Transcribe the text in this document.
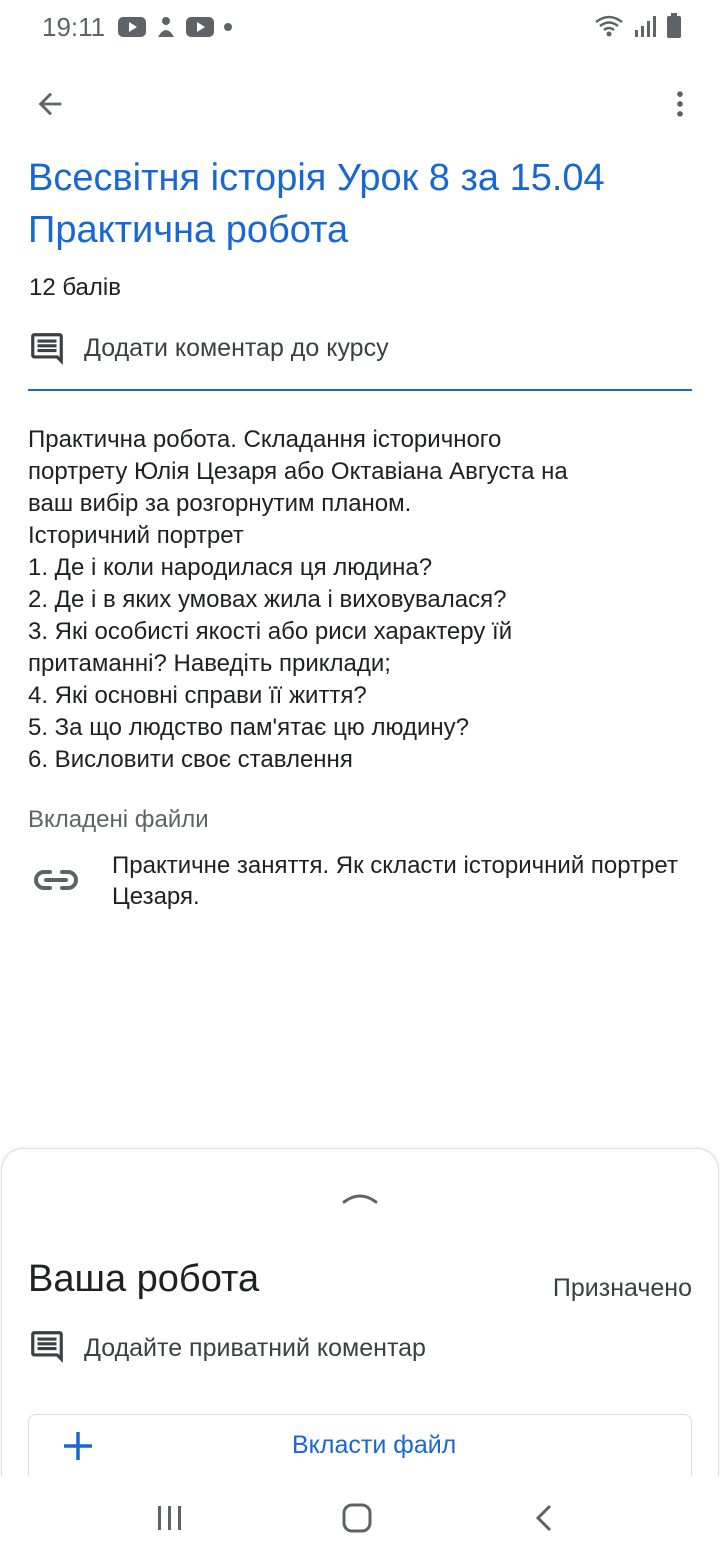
19:11
Всесвітня історія Урок 8 за 15.04 Практична робота
12 балів
Додати коментар до курсу
Практична робота. Складання історичного
портрету Юлія Цезаря або Октавіана Августа на
ваш вибір за розгорнутим планом.
Історичний портрет
1. Де і коли народилася ця людина?
2. Де і в яких умовах жила і виховувалася?
3. Які особисті якості або риси характеру їй
притаманні? Наведіть приклади;
4. Які основні справи її життя?
5. За що людство пам'ятає цю людину?
6. Висловити своє ставлення
Вкладені файли
Практичне заняття. Як скласти історичний портрет Цезаря.
Ваша робота	Призначено
Додайте приватний коментар
Вкласти файл
